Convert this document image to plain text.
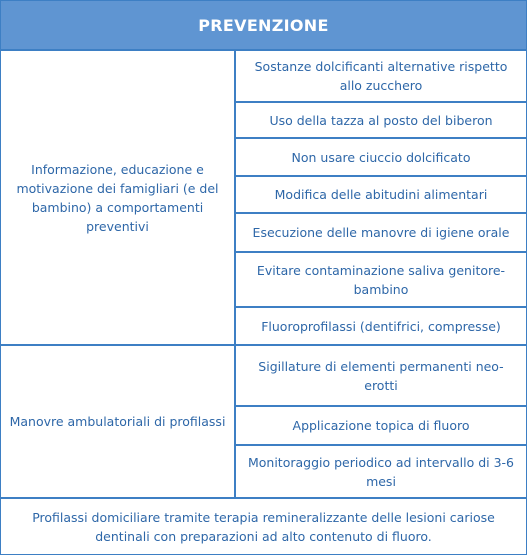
PREVENZIONE
Informazione, educazione e motivazione dei famigliari (e del bambino) a comportamenti preventivi
Sostanze dolcificanti alternative rispetto allo zucchero
Uso della tazza al posto del biberon
Non usare ciuccio dolcificato
Modifica delle abitudini alimentari
Esecuzione delle manovre di igiene orale
Evitare contaminazione saliva genitore-bambino
Fluoroprofilassi (dentifrici, compresse)
Manovre ambulatoriali di profilassi
Sigillature di elementi permanenti neo-erotti
Applicazione topica di fluoro
Monitoraggio periodico ad intervallo di 3-6 mesi
Profilassi domiciliare tramite terapia remineralizzante delle lesioni cariose dentinali con preparazioni ad alto contenuto di fluoro.
